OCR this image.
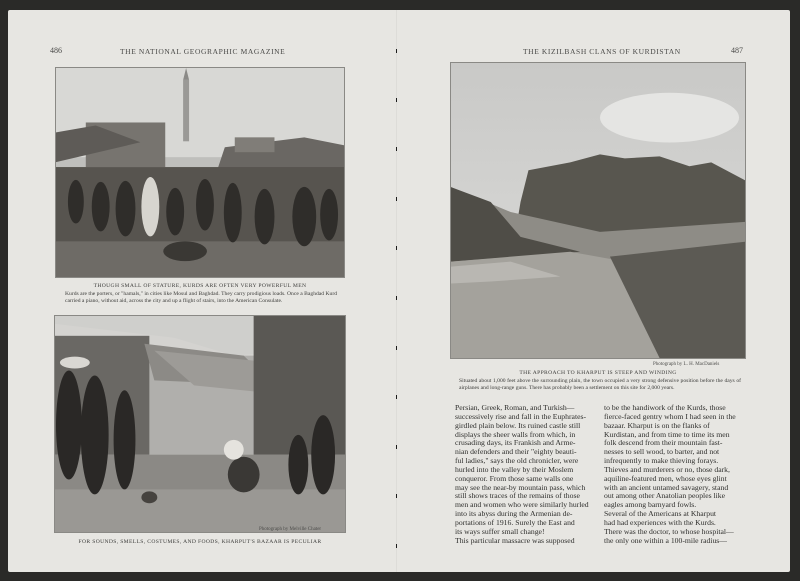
486	THE NATIONAL GEOGRAPHIC MAGAZINE
THOUGH SMALL OF STATURE, KURDS ARE OFTEN VERY POWERFUL MEN
Kurds are the porters, or "hamals," in cities like Mosul and Baghdad. They carry prodigious loads. Once a Baghdad Kurd carried a piano, without aid, across the city and up a flight of stairs, into the American Consulate.
Photograph by Melville Chater
FOR SOUNDS, SMELLS, COSTUMES, AND FOODS, KHARPUT'S BAZAAR IS PECULIAR
THE KIZILBASH CLANS OF KURDISTAN	487
Photograph by L. H. MacDaniels
THE APPROACH TO KHARPUT IS STEEP AND WINDING
Situated about 1,000 feet above the surrounding plain, the town occupied a very strong defensive position before the days of airplanes and long-range guns. There has probably been a settlement on this site for 2,000 years.
Persian, Greek, Roman, and Turkish—
successively rise and fall in the Euphrates-
girdled plain below. Its ruined castle still
displays the sheer walls from which, in
crusading days, its Frankish and Arme-
nian defenders and their "eighty beauti-
ful ladies," says the old chronicler, were
hurled into the valley by their Moslem
conqueror. From those same walls one
may see the near-by mountain pass, which
still shows traces of the remains of those
men and women who were similarly hurled
into its abyss during the Armenian de-
portations of 1916. Surely the East and
its ways suffer small change!
This particular massacre was supposed
to be the handiwork of the Kurds, those
fierce-faced gentry whom I had seen in the
bazaar. Kharput is on the flanks of
Kurdistan, and from time to time its men
folk descend from their mountain fast-
nesses to sell wood, to barter, and not
infrequently to make thieving forays.
Thieves and murderers or no, those dark,
aquiline-featured men, whose eyes glint
with an ancient untamed savagery, stand
out among other Anatolian peoples like
eagles among barnyard fowls.
Several of the Americans at Kharput
had had experiences with the Kurds.
There was the doctor, to whose hospital—
the only one within a 100-mile radius—
